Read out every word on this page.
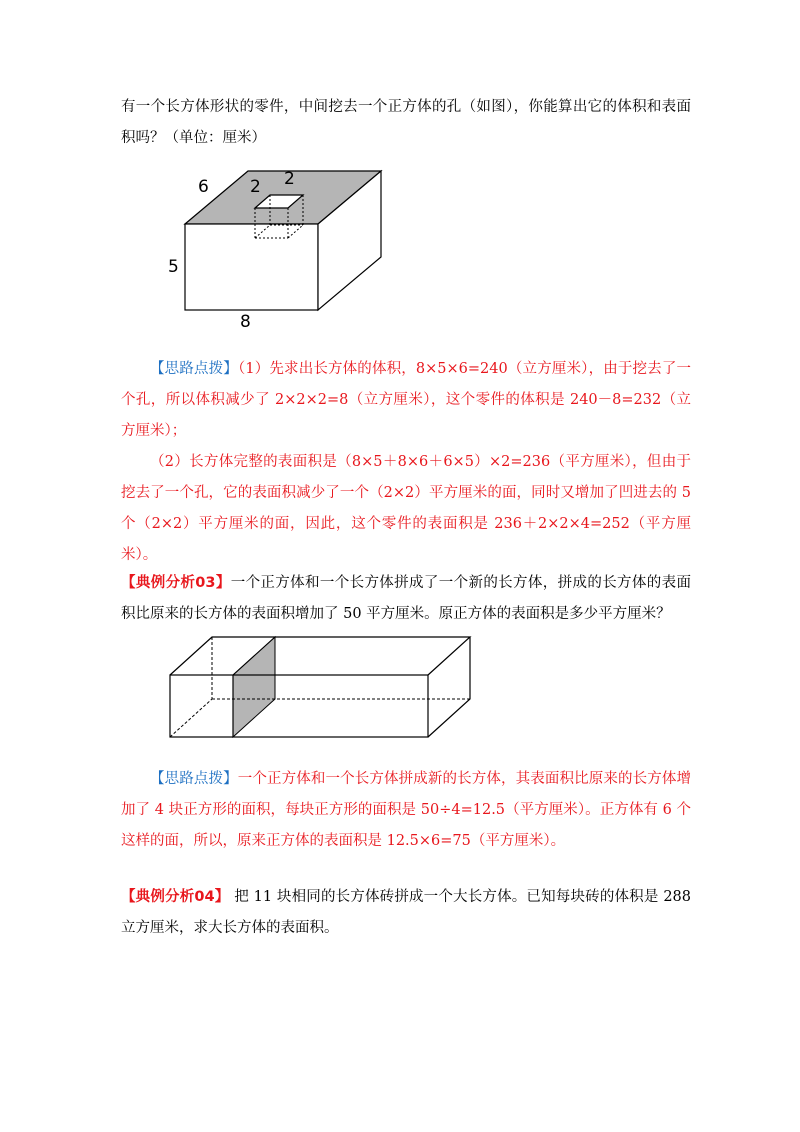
有一个长方体形状的零件，中间挖去一个正方体的孔（如图），你能算出它的体积和表面积吗？（单位：厘米）

6 2 2
5
8

【思路点拨】（1）先求出长方体的体积，8×5×6=240（立方厘米），由于挖去了一个孔，所以体积减少了 2×2×2=8（立方厘米），这个零件的体积是 240－8=232（立方厘米）；

（2）长方体完整的表面积是（8×5＋8×6＋6×5）×2=236（平方厘米），但由于挖去了一个孔，它的表面积减少了一个（2×2）平方厘米的面，同时又增加了凹进去的 5 个（2×2）平方厘米的面，因此，这个零件的表面积是 236＋2×2×4=252（平方厘米）。

【典例分析03】一个正方体和一个长方体拼成了一个新的长方体，拼成的长方体的表面积比原来的长方体的表面积增加了 50 平方厘米。原正方体的表面积是多少平方厘米？

【思路点拨】一个正方体和一个长方体拼成新的长方体，其表面积比原来的长方体增加了 4 块正方形的面积，每块正方形的面积是 50÷4=12.5（平方厘米）。正方体有 6 个这样的面，所以，原来正方体的表面积是 12.5×6=75（平方厘米）。

【典例分析04】 把 11 块相同的长方体砖拼成一个大长方体。已知每块砖的体积是 288 立方厘米，求大长方体的表面积。
